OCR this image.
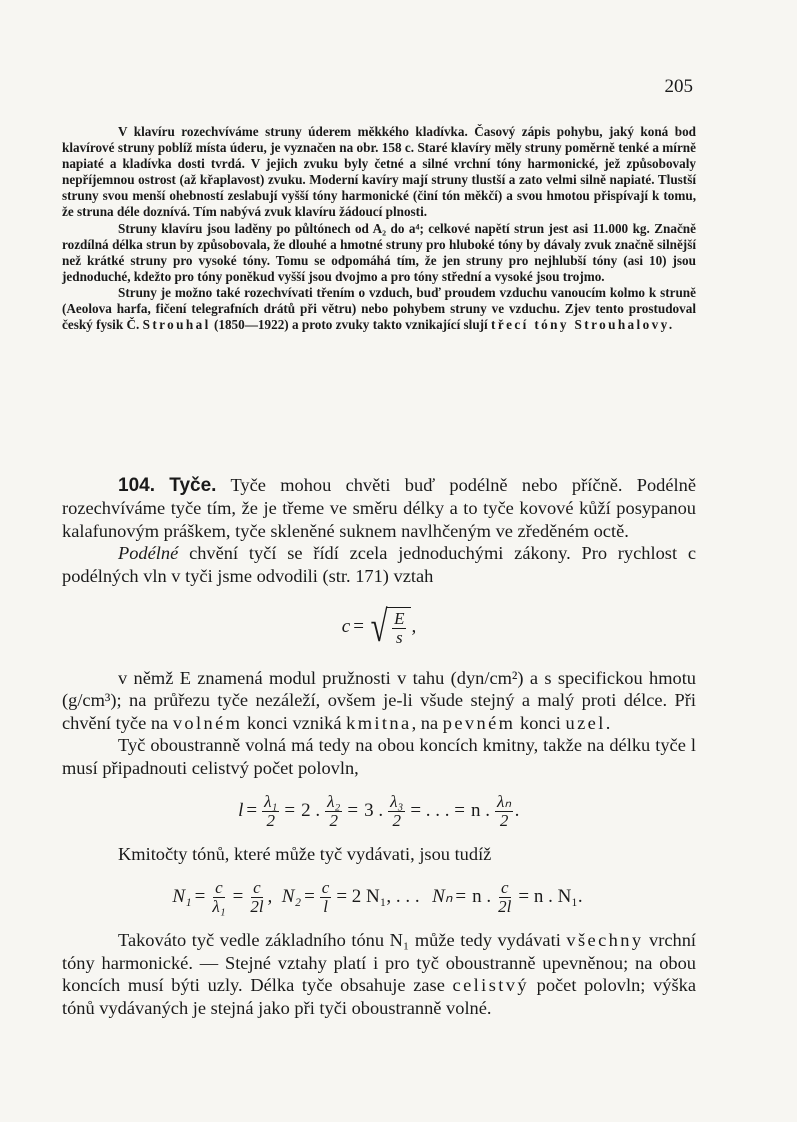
205

V klavíru rozechvíváme struny úderem měkkého kladívka. Časový zápis pohybu, jaký koná bod klavírové struny poblíž místa úderu, je vyznačen na obr. 158 c. Staré klavíry měly struny poměrně tenké a mírně napiaté a kladívka dosti tvrdá. V jejich zvuku byly četné a silné vrchní tóny harmonické, jež způsobovaly nepříjemnou ostrost (až křaplavost) zvuku. Moderní kavíry mají struny tlustší a zato velmi silně napiaté. Tlustší struny svou menší ohebností zeslabují vyšší tóny harmonické (činí tón měkčí) a svou hmotou přispívají k tomu, že struna déle doznívá. Tím nabývá zvuk klavíru žádoucí plnosti.

Struny klavíru jsou laděny po půltónech od A₂ do a⁴; celkové napětí strun jest asi 11.000 kg. Značně rozdílná délka strun by způsobovala, že dlouhé a hmotné struny pro hluboké tóny by dávaly zvuk značně silnější než krátké struny pro vysoké tóny. Tomu se odpomáhá tím, že jen struny pro nejhlubší tóny (asi 10) jsou jednoduché, kdežto pro tóny poněkud vyšší jsou dvojmo a pro tóny střední a vysoké jsou trojmo.

Struny je možno také rozechvívati třením o vzduch, buď proudem vzduchu vanoucím kolmo k struně (Aeolova harfa, fičení telegrafních drátů při větru) nebo pohybem struny ve vzduchu. Zjev tento prostudoval český fysik Č. Strouhal (1850—1922) a proto zvuky takto vznikající slují třecí tóny Strouhalovy.

104. Tyče. Tyče mohou chvěti buď podélně nebo příčně. Podélně rozechvíváme tyče tím, že je třeme ve směru délky a to tyče kovové kůží posypanou kalafunovým práškem, tyče skleněné suknem navlhčeným ve zředěném octě.

Podélné chvění tyčí se řídí zcela jednoduchými zákony. Pro rychlost c podélných vln v tyči jsme odvodili (str. 171) vztah

c = √ $\frac{E}{s}$ ,

v němž E znamená modul pružnosti v tahu (dyn/cm²) a s specifickou hmotu (g/cm³); na průřezu tyče nezáleží, ovšem je-li všude stejný a malý proti délce. Při chvění tyče na volném konci vzniká kmitna, na pevném konci uzel.

Tyč oboustranně volná má tedy na obou koncích kmitny, takže na délku tyče l musí připadnouti celistvý počet polovln,

$l = \frac{\text{λ₁}}{2} = 2$ . $\frac{\text{λ₂}}{2} = 3$ . $\frac{\text{λ₃}}{2}$ = . . . = n . $\frac{\text{λₙ}}{2}$ .

Kmitočty tónů, které může tyč vydávati, jsou tudíž

$N_1 = \frac{c}{\text{λ₁}} = \frac{c}{2l}$ , $N_2 = \frac{c}{l} = 2$ N₁, . . .
Nₙ = n . $\frac{c}{2l} = n$ . N₁.

Takováto tyč vedle základního tónu N₁ může tedy vydávati všechny vrchní tóny harmonické. — Stejné vztahy platí i pro tyč oboustranně upevněnou; na obou koncích musí býti uzly. Délka tyče obsahuje zase celistvý počet polovln; výška tónů vydávaných je stejná jako při tyči oboustranně volné.
